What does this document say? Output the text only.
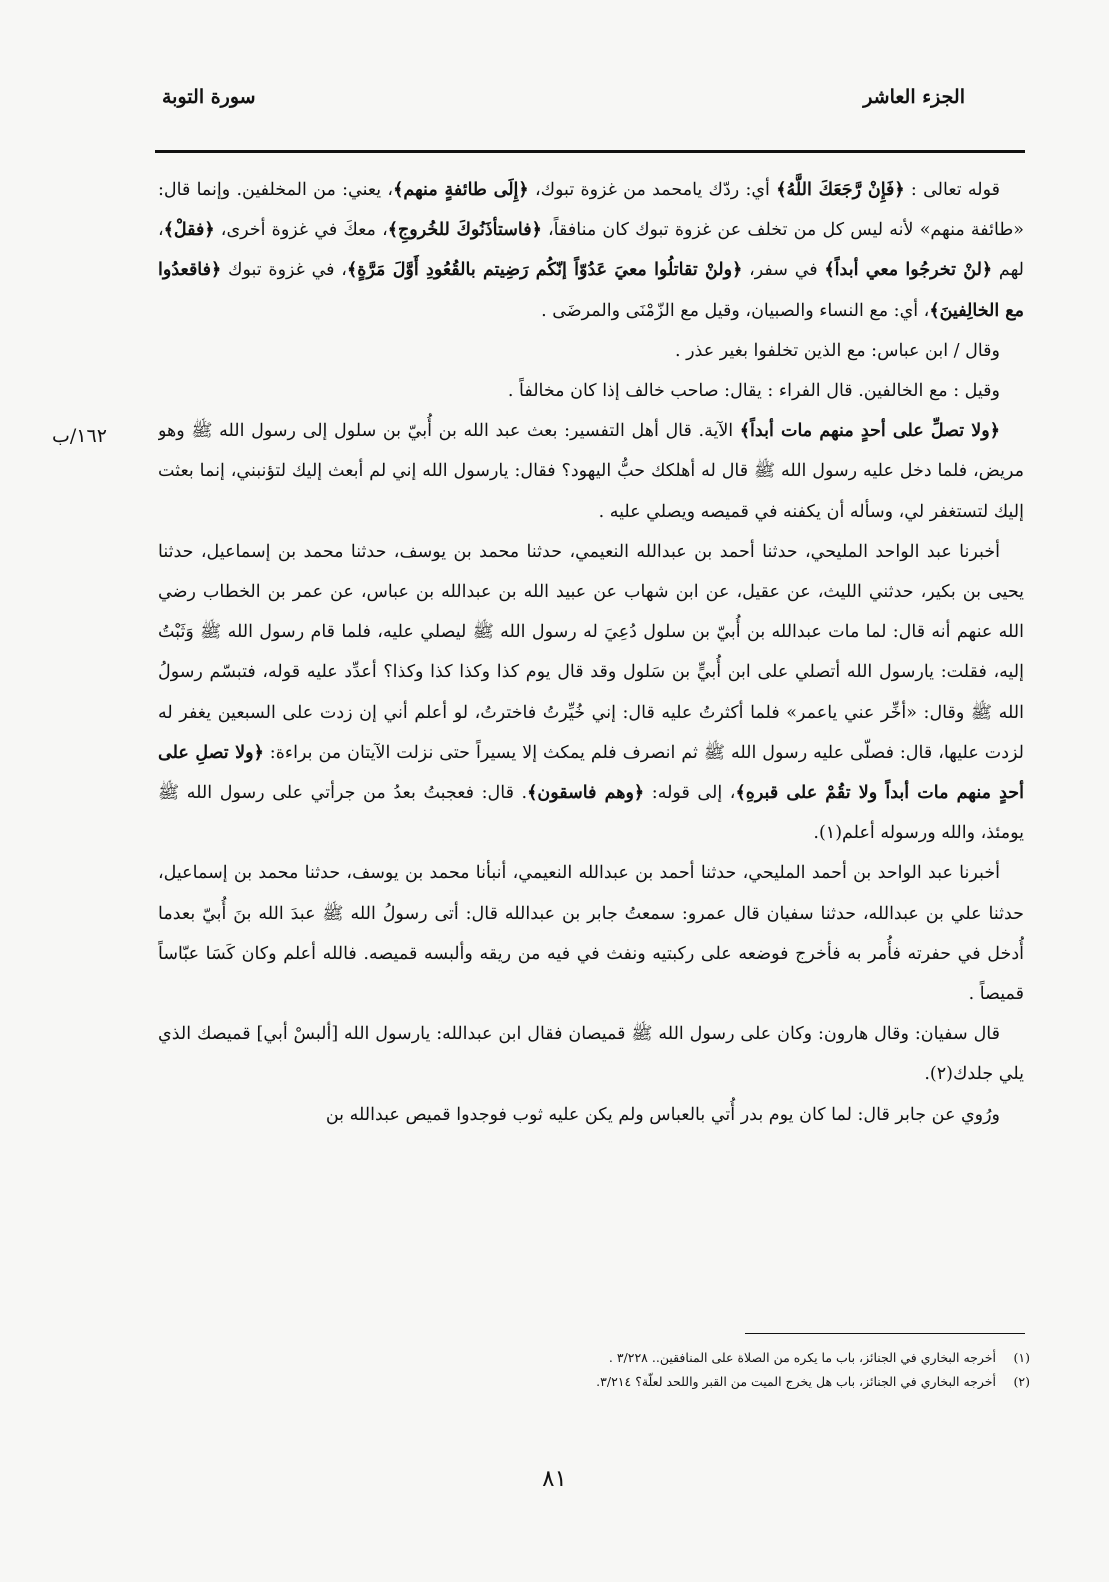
الجزء العاشر
سورة التوبة
١٦٢/ب

قوله تعالى : ﴿فَإِنْ رَّجَعَكَ اللَّهُ﴾ أي: ردّك يامحمد من غزوة تبوك، ﴿إِلَى طائفةٍ منهم﴾، يعني: من المخلفين. وإنما قال: «طائفة منهم» لأنه ليس كل من تخلف عن غزوة تبوك كان منافقاً، ﴿فاستأذَنُوكَ للخُروجِ﴾، معكَ في غزوة أخرى، ﴿فقلْ﴾، لهم ﴿لنْ تخرجُوا معي أبداً﴾ في سفر، ﴿ولنْ تقاتلُوا معيَ عَدُوّاً إنّكُم رَضِيتم بالقُعُودِ أَوَّلَ مَرَّةٍ﴾، في غزوة تبوك ﴿فاقعدُوا مع الخالِفينَ﴾، أي: مع النساء والصبيان، وقيل مع الزّمْنَى والمرضَى .

وقال / ابن عباس: مع الذين تخلفوا بغير عذر .

وقيل : مع الخالفين. قال الفراء : يقال: صاحب خالف إذا كان مخالفاً .

﴿ولا تصلِّ على أحدٍ منهم مات أبداً﴾ الآية. قال أهل التفسير: بعث عبد الله بن أُبيّ بن سلول إلى رسول الله ﷺ وهو مريض، فلما دخل عليه رسول الله ﷺ قال له أهلكك حبُّ اليهود؟ فقال: يارسول الله إني لم أبعث إليك لتؤنبني، إنما بعثت إليك لتستغفر لي، وسأله أن يكفنه في قميصه ويصلي عليه .

أخبرنا عبد الواحد المليحي، حدثنا أحمد بن عبدالله النعيمي، حدثنا محمد بن يوسف، حدثنا محمد بن إسماعيل، حدثنا يحيى بن بكير، حدثني الليث، عن عقيل، عن ابن شهاب عن عبيد الله بن عبدالله بن عباس، عن عمر بن الخطاب رضي الله عنهم أنه قال: لما مات عبدالله بن أُبيّ بن سلول دُعِيَ له رسول الله ﷺ ليصلي عليه، فلما قام رسول الله ﷺ وَثَبْتُ إليه، فقلت: يارسول الله أتصلي على ابن أُبيٍّ بن سَلول وقد قال يوم كذا وكذا كذا وكذا؟ أعدِّد عليه قوله، فتبسّم رسولُ الله ﷺ وقال: «أخِّر عني ياعمر» فلما أكثرتُ عليه قال: إني خُيِّرتُ فاخترتُ، لو أعلم أني إن زدت على السبعين يغفر له لزدت عليها، قال: فصلّى عليه رسول الله ﷺ ثم انصرف فلم يمكث إلا يسيراً حتى نزلت الآيتان من براءة: ﴿ولا تصلِ على أحدٍ منهم مات أبداً ولا تقُمْ على قبرهِ﴾، إلى قوله: ﴿وهم فاسقون﴾. قال: فعجبتُ بعدُ من جرأتي على رسول الله ﷺ يومئذ، والله ورسوله أعلم(١).

أخبرنا عبد الواحد بن أحمد المليحي، حدثنا أحمد بن عبدالله النعيمي، أنبأنا محمد بن يوسف، حدثنا محمد بن إسماعيل، حدثنا علي بن عبدالله، حدثنا سفيان قال عمرو: سمعتُ جابر بن عبدالله قال: أتى رسولُ الله ﷺ عبدَ الله بنَ أُبيّ بعدما أُدخل في حفرته فأُمر به فأخرج فوضعه على ركبتيه ونفث في فيه من ريقه وألبسه قميصه. فالله أعلم وكان كَسَا عبّاساً قميصاً .

قال سفيان: وقال هارون: وكان على رسول الله ﷺ قميصان فقال ابن عبدالله: يارسول الله [ألبسْ أبي] قميصك الذي يلي جلدك(٢).

ورُوي عن جابر قال: لما كان يوم بدر أُتي بالعباس ولم يكن عليه ثوب فوجدوا قميص عبدالله بن

(١)أخرجه البخاري في الجنائز، باب ما يكره من الصلاة على المنافقين.. ٣/٢٢٨ .
(٢)أخرجه البخاري في الجنائز، باب هل يخرج الميت من القبر واللحد لعلّة؟ ٣/٢١٤.
٨١
